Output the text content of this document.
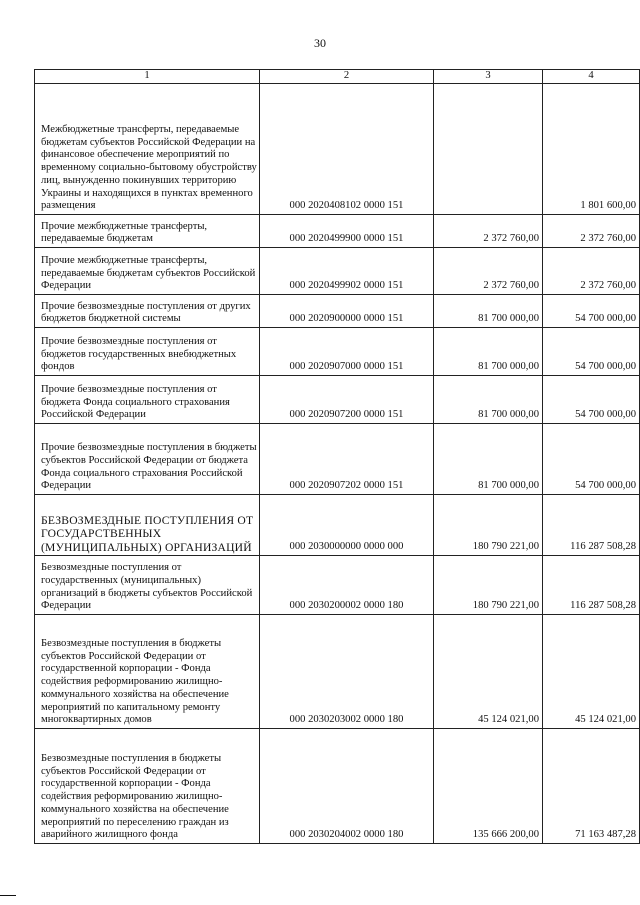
30
1	2	3	4
Межбюджетные трансферты, передаваемые бюджетам субъектов Российской Федерации на финансовое обеспечение мероприятий по временному социально-бытовому обустройству лиц, вынужденно покинувших территорию Украины и находящихся в пунктах временного размещения	000 2020408102 0000 151		1 801 600,00
Прочие межбюджетные трансферты, передаваемые бюджетам	000 2020499900 0000 151	2 372 760,00	2 372 760,00
Прочие межбюджетные трансферты, передаваемые бюджетам субъектов Российской Федерации	000 2020499902 0000 151	2 372 760,00	2 372 760,00
Прочие безвозмездные поступления от других бюджетов бюджетной системы	000 2020900000 0000 151	81 700 000,00	54 700 000,00
Прочие безвозмездные поступления от бюджетов государственных внебюджетных фондов	000 2020907000 0000 151	81 700 000,00	54 700 000,00
Прочие безвозмездные поступления от бюджета Фонда социального страхования Российской Федерации	000 2020907200 0000 151	81 700 000,00	54 700 000,00
Прочие безвозмездные поступления в бюджеты субъектов Российской Федерации от бюджета Фонда социального страхования Российской Федерации	000 2020907202 0000 151	81 700 000,00	54 700 000,00
БЕЗВОЗМЕЗДНЫЕ ПОСТУПЛЕНИЯ ОТ ГОСУДАРСТВЕННЫХ (МУНИЦИПАЛЬНЫХ) ОРГАНИЗАЦИЙ	000 2030000000 0000 000	180 790 221,00	116 287 508,28
Безвозмездные поступления от государственных (муниципальных) организаций в бюджеты субъектов Российской Федерации	000 2030200002 0000 180	180 790 221,00	116 287 508,28
Безвозмездные поступления в бюджеты субъектов Российской Федерации от государственной корпорации - Фонда содействия реформированию жилищно-коммунального хозяйства на обеспечение мероприятий по капитальному ремонту многоквартирных домов	000 2030203002 0000 180	45 124 021,00	45 124 021,00
Безвозмездные поступления в бюджеты субъектов Российской Федерации от государственной корпорации - Фонда содействия реформированию жилищно-коммунального хозяйства на обеспечение мероприятий по переселению граждан из аварийного жилищного фонда	000 2030204002 0000 180	135 666 200,00	71 163 487,28
